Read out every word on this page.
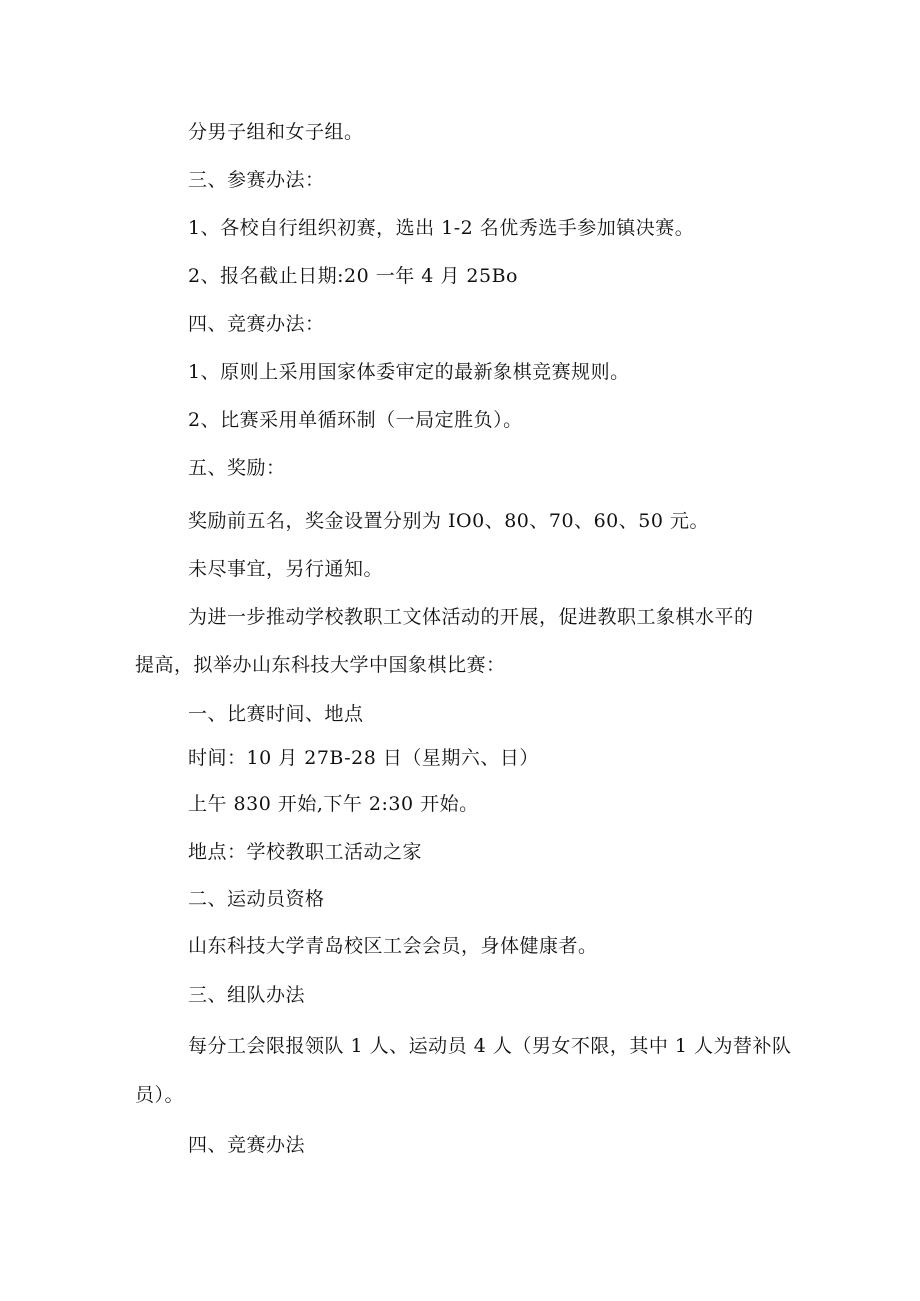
分男子组和女子组。
三、参赛办法：
1、各校自行组织初赛，选出 1-2 名优秀选手参加镇决赛。
2、报名截止日期:20 一年 4 月 25Bo
四、竞赛办法：
1、原则上采用国家体委审定的最新象棋竞赛规则。
2、比赛采用单循环制（一局定胜负）。
五、奖励：
奖励前五名，奖金设置分别为 IO0、80、70、60、50 元。
未尽事宜，另行通知。
为进一步推动学校教职工文体活动的开展，促进教职工象棋水平的
提高，拟举办山东科技大学中国象棋比赛：
一、比赛时间、地点
时间：10 月 27B-28 日（星期六、日）
上午 830 开始,下午 2:30 开始。
地点：学校教职工活动之家
二、运动员资格
山东科技大学青岛校区工会会员，身体健康者。
三、组队办法
每分工会限报领队 1 人、运动员 4 人（男女不限，其中 1 人为替补队
员）。
四、竞赛办法
